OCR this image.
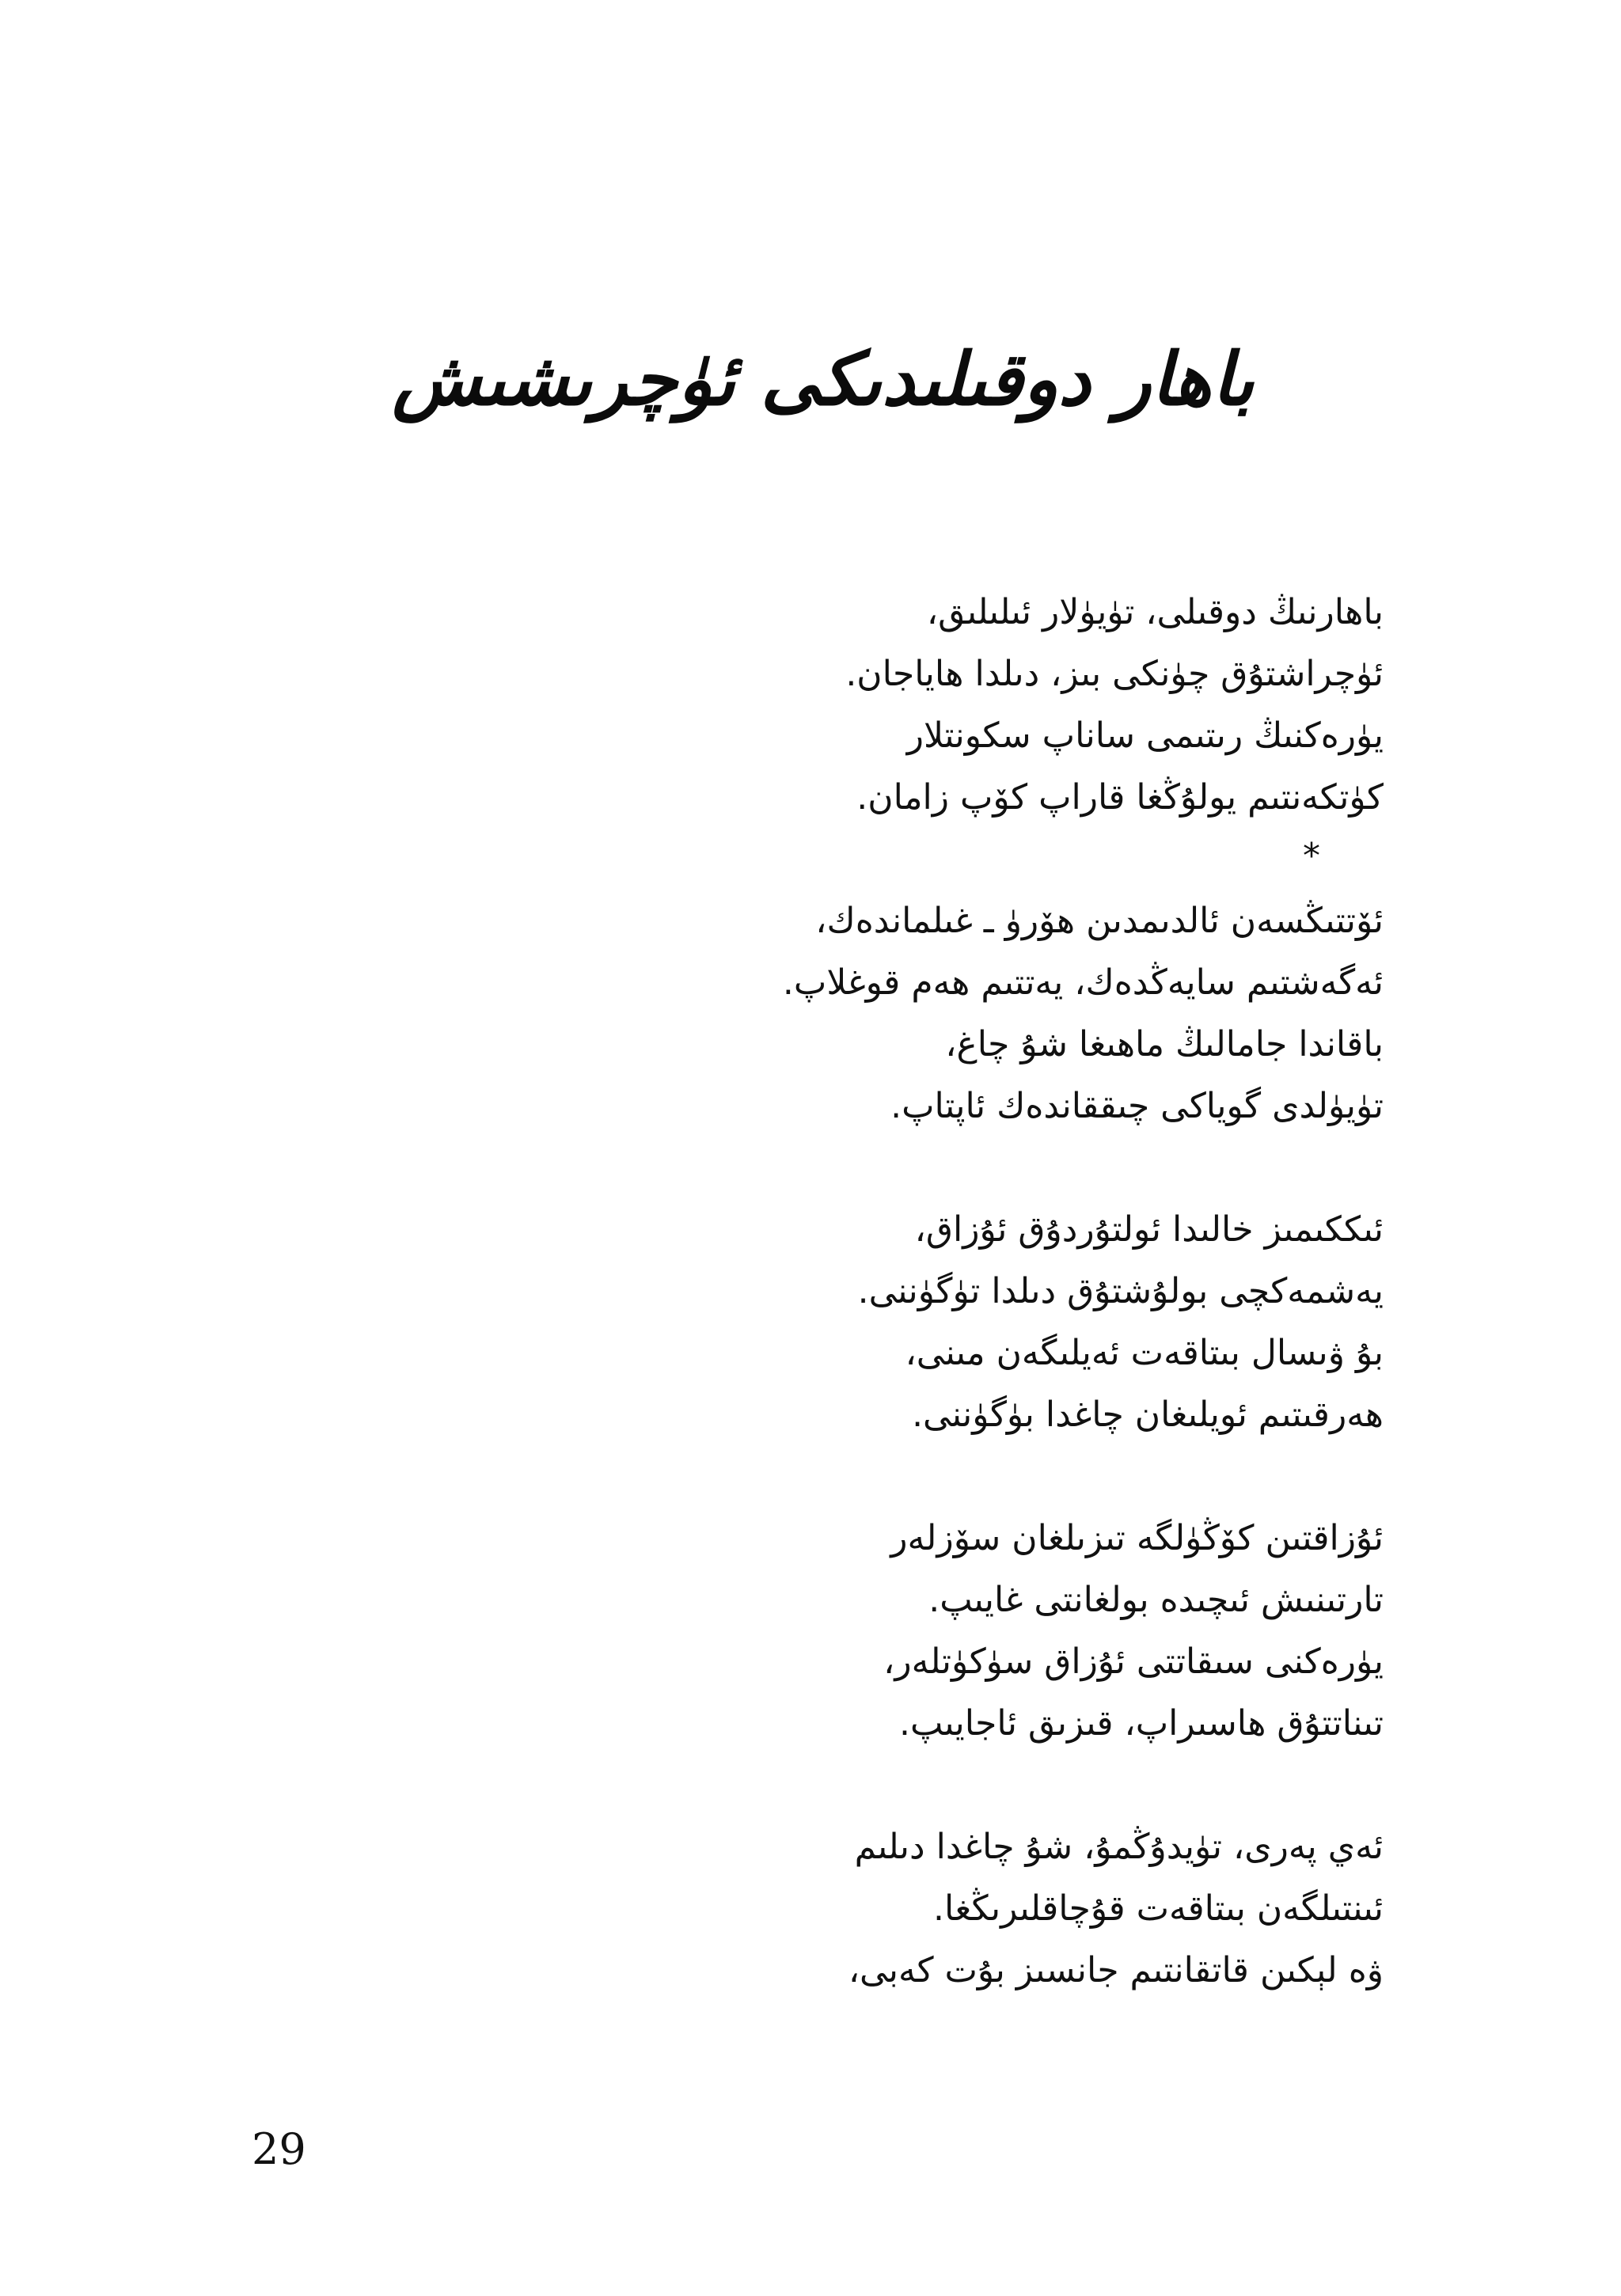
باھار دوقىلىدىكى ئۈچرىشىش
باھارنىڭ دوقىلى، تۈيۈلار ئىلىلىق،
ئۈچراشتۇق چۈنكى بىز، دىلدا ھاياجان.
يۈرەكنىڭ رىتىمى ساناپ سكونتلار
كۈتكەنتىم يولۇڭغا قاراپ كۆپ زامان.
*
ئۆتتىڭسەن ئالدىمدىن ھۆرۈ ـ غىلماندەك،
ئەگەشتىم سايەڭدەك، يەتتىم ھەم قوغلاپ.
باقاندا جامالىڭ ماھىغا شۇ چاغ،
تۈيۈلدى گوياكى چىققاندەك ئاپتاپ.
ئىككىمىز خالىدا ئولتۇردۇق ئۇزاق،
يەشمەكچى بولۇشتۇق دىلدا تۈگۈننى.
بۇ ۋىسال بىتاقەت ئەيلىگەن مىنى،
ھەرقىتىم ئويلىغان چاغدا بۈگۈننى.
ئۇزاقتىن كۆڭۈلگە تىزىلغان سۆزلەر
تارتىنىش ئىچىدە بولغانتى غايىپ.
يۈرەكنى سىقاتتى ئۇزاق سۈكۈتلەر،
تىناتتۇق ھاسىراپ، قىزىق ئاجايىپ.
ئەي پەرى، تۈيدۇڭمۇ، شۇ چاغدا دىلىم
ئىنتىلگەن بىتاقەت قۇچاقلىرىڭغا.
ۋە لېكىن قاتقانتىم جانسىز بۇت كەبى،
29
